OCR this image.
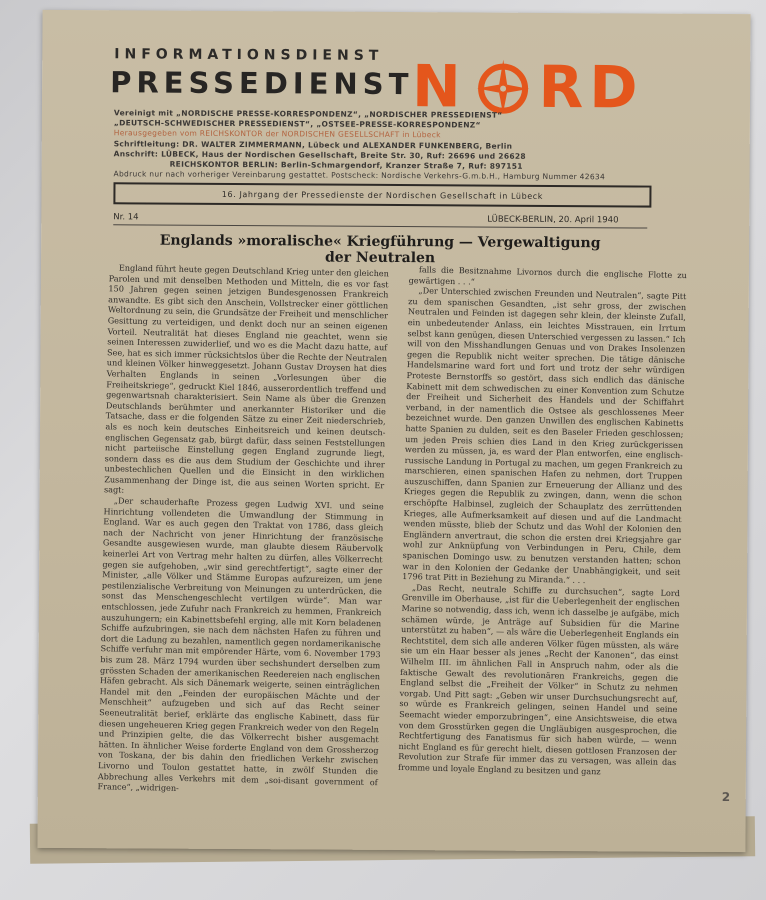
INFORMATIONSDIENST
PRESSEDIENST
N RD
Vereinigt mit „NORDISCHE PRESSE-KORRESPONDENZ“, „NORDISCHER PRESSEDIENST“
„DEUTSCH-SCHWEDISCHER PRESSEDIENST“, „OSTSEE-PRESSE-KORRESPONDENZ“
Herausgegeben vom REICHSKONTOR der NORDISCHEN GESELLSCHAFT in Lübeck
Schriftleitung: DR. WALTER ZIMMERMANN, Lübeck und ALEXANDER FUNKENBERG, Berlin
Anschrift: LÜBECK, Haus der Nordischen Gesellschaft, Breite Str. 30, Ruf: 26696 und 26628
REICHSKONTOR BERLIN: Berlin-Schmargendorf, Kranzer Straße 7, Ruf: 897151
Abdruck nur nach vorheriger Vereinbarung gestattet. Postscheck: Nordische Verkehrs-G.m.b.H., Hamburg Nummer 42634
16. Jahrgang der Pressedienste der Nordischen Gesellschaft in Lübeck
Nr. 14	LÜBECK-BERLIN, 20. April 1940
Englands »moralische« Kriegführung — Vergewaltigung
der Neutralen

England führt heute gegen Deutschland Krieg unter den gleichen Parolen und mit denselben Methoden und Mitteln, die es vor fast 150 Jahren gegen seinen jetzigen Bundesgenossen Frankreich anwandte. Es gibt sich den Anschein, Vollstrecker einer göttlichen Weltordnung zu sein, die Grundsätze der Freiheit und menschlicher Gesittung zu verteidigen, und denkt doch nur an seinen eigenen Vorteil. Neutralität hat dieses England nie geachtet, wenn sie seinen Interessen zuwiderlief, und wo es die Macht dazu hatte, auf See, hat es sich immer rücksichtslos über die Rechte der Neutralen und kleinen Völker hinweggesetzt. Johann Gustav Droysen hat dies Verhalten Englands in seinen „Vorlesungen über die Freiheitskriege“, gedruckt Kiel 1846, ausserordentlich treffend und gegenwartsnah charakterisiert. Sein Name als über die Grenzen Deutschlands berühmter und anerkannter Historiker und die Tatsache, dass er die folgenden Sätze zu einer Zeit niederschrieb, als es noch kein deutsches Einheitsreich und keinen deutsch-englischen Gegensatz gab, bürgt dafür, dass seinen Feststellungen nicht parteiische Einstellung gegen England zugrunde liegt, sondern dass es die aus dem Studium der Geschichte und ihrer unbestechlichen Quellen und die Einsicht in den wirklichen Zusammenhang der Dinge ist, die aus seinen Worten spricht. Er sagt:

„Der schauderhafte Prozess gegen Ludwig XVI. und seine Hinrichtung vollendeten die Umwandlung der Stimmung in England. War es auch gegen den Traktat von 1786, dass gleich nach der Nachricht von jener Hinrichtung der französische Gesandte ausgewiesen wurde, man glaubte diesem Räubervolk keinerlei Art von Vertrag mehr halten zu dürfen, alles Völkerrecht gegen sie aufgehoben, „wir sind gerechtfertigt“, sagte einer der Minister, „alle Völker und Stämme Europas aufzureizen, um jene pestilenzialische Verbreitung von Meinungen zu unterdrücken, die sonst das Menschengeschlecht vertilgen würde“. Man war entschlossen, jede Zufuhr nach Frankreich zu hemmen, Frankreich auszuhungern; ein Kabinettsbefehl erging, alle mit Korn beladenen Schiffe aufzubringen, sie nach dem nächsten Hafen zu führen und dort die Ladung zu bezahlen, namentlich gegen nordamerikanische Schiffe verfuhr man mit empörender Härte, vom 6. November 1793 bis zum 28. März 1794 wurden über sechshundert derselben zum grössten Schaden der amerikanischen Reedereien nach englischen Häfen gebracht. Als sich Dänemark weigerte, seinen einträglichen Handel mit den „Feinden der europäischen Mächte und der Menschheit“ aufzugeben und sich auf das Recht seiner Seeneutralität berief, erklärte das englische Kabinett, dass für diesen ungeheueren Krieg gegen Frankreich weder von den Regeln und Prinzipien gelte, die das Völkerrecht bisher ausgemacht hätten. In ähnlicher Weise forderte England von dem Grossherzog von Toskana, der bis dahin den friedlichen Verkehr zwischen Livorno und Toulon gestattet hatte, in zwölf Stunden die Abbrechung alles Verkehrs mit dem „soi-disant government of France“, „widrigen-

falls die Besitznahme Livornos durch die englische Flotte zu gewärtigen . . .“

„Der Unterschied zwischen Freunden und Neutralen“, sagte Pitt zu dem spanischen Gesandten, „ist sehr gross, der zwischen Neutralen und Feinden ist dagegen sehr klein, der kleinste Zufall, ein unbedeutender Anlass, ein leichtes Misstrauen, ein Irrtum selbst kann genügen, diesen Unterschied vergessen zu lassen.“ Ich will von den Misshandlungen Genuas und von Drakes Insolenzen gegen die Republik nicht weiter sprechen. Die tätige dänische Handelsmarine ward fort und fort und trotz der sehr würdigen Proteste Bernstorffs so gestört, dass sich endlich das dänische Kabinett mit dem schwedischen zu einer Konvention zum Schutze der Freiheit und Sicherheit des Handels und der Schiffahrt verband, in der namentlich die Ostsee als geschlossenes Meer bezeichnet wurde. Den ganzen Unwillen des englischen Kabinetts hatte Spanien zu dulden, seit es den Baseler Frieden geschlossen; um jeden Preis schien dies Land in den Krieg zurückgerissen werden zu müssen, ja, es ward der Plan entworfen, eine englisch-russische Landung in Portugal zu machen, um gegen Frankreich zu marschieren, einen spanischen Hafen zu nehmen, dort Truppen auszuschiffen, dann Spanien zur Erneuerung der Allianz und des Krieges gegen die Republik zu zwingen, dann, wenn die schon erschöpfte Halbinsel, zugleich der Schauplatz des zerrüttenden Krieges, alle Aufmerksamkeit auf diesen und auf die Landmacht wenden müsste, blieb der Schutz und das Wohl der Kolonien den Engländern anvertraut, die schon die ersten drei Kriegsjahre gar wohl zur Anknüpfung von Verbindungen in Peru, Chile, dem spanischen Domingo usw. zu benutzen verstanden hatten; schon war in den Kolonien der Gedanke der Unabhängigkeit, und seit 1796 trat Pitt in Beziehung zu Miranda.“ . . .

„Das Recht, neutrale Schiffe zu durchsuchen“, sagte Lord Grenville im Oberhause, „ist für die Ueberlegenheit der englischen Marine so notwendig, dass ich, wenn ich dasselbe je aufgäbe, mich schämen würde, je Anträge auf Subsidien für die Marine unterstützt zu haben“, — als wäre die Ueberlegenheit Englands ein Rechtstitel, dem sich alle anderen Völker fügen müssten, als wäre sie um ein Haar besser als jenes „Recht der Kanonen“, das einst Wilhelm III. im ähnlichen Fall in Anspruch nahm, oder als die faktische Gewalt des revolutionären Frankreichs, gegen die England selbst die „Freiheit der Völker“ in Schutz zu nehmen vorgab. Und Pitt sagt: „Geben wir unser Durchsuchungsrecht auf, so würde es Frankreich gelingen, seinen Handel und seine Seemacht wieder emporzubringen“, eine Ansichtsweise, die etwa von dem Grosstürken gegen die Ungläubigen ausgesprochen, die Rechtfertigung des Fanatismus für sich haben würde, — wenn nicht England es für gerecht hielt, diesen gottlosen Franzosen der Revolution zur Strafe für immer das zu versagen, was allein das fromme und loyale England zu besitzen und ganz

2
